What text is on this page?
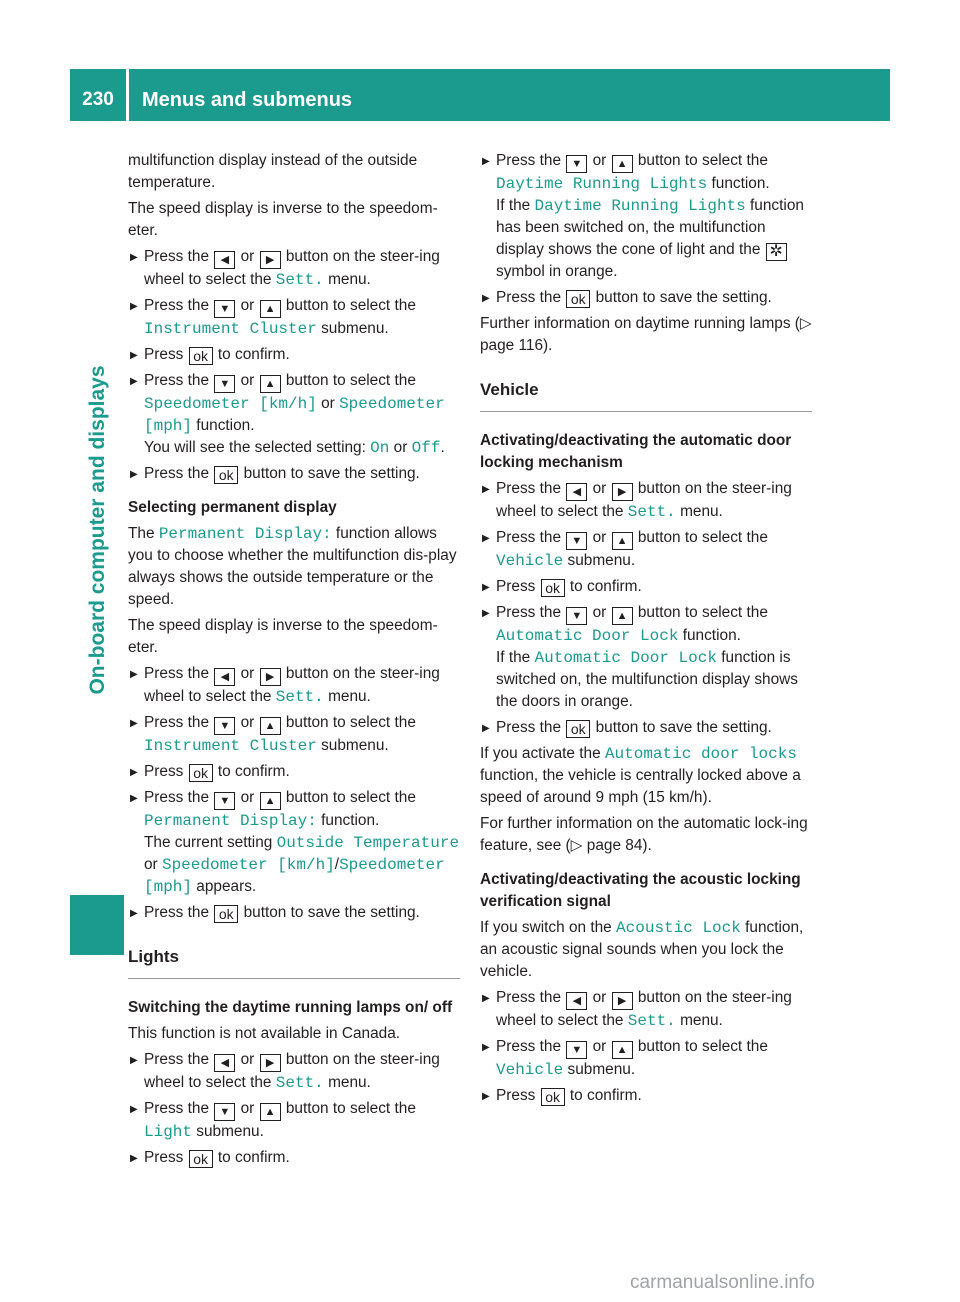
230	Menus and submenus
On-board computer and displays

multifunction display instead of the outside temperature.

The speed display is inverse to the speedom-eter.

▶
Press the ◀ or ▶ button on the steer-ing wheel to select the Sett. menu.
▶
Press the ▼ or ▲ button to select the Instrument Cluster submenu.
▶
Press ok to confirm.
▶
Press the ▼ or ▲ button to select the Speedometer [km/h] or Speedometer [mph] function.
You will see the selected setting: On or Off.
▶
Press the ok button to save the setting.

Selecting permanent display

The Permanent Display: function allows you to choose whether the multifunction dis-play always shows the outside temperature or the speed.

The speed display is inverse to the speedom-eter.

▶
Press the ◀ or ▶ button on the steer-ing wheel to select the Sett. menu.
▶
Press the ▼ or ▲ button to select the Instrument Cluster submenu.
▶
Press ok to confirm.
▶
Press the ▼ or ▲ button to select the Permanent Display: function.
The current setting Outside Temperature or Speedometer [km/h]/Speedometer [mph] appears.
▶
Press the ok button to save the setting.
Lights

Switching the daytime running lamps on/ off

This function is not available in Canada.

▶
Press the ◀ or ▶ button on the steer-ing wheel to select the Sett. menu.
▶
Press the ▼ or ▲ button to select the Light submenu.
▶
Press ok to confirm.
▶
Press the ▼ or ▲ button to select the Daytime Running Lights function.
If the Daytime Running Lights function has been switched on, the multifunction display shows the cone of light and the ✲ symbol in orange.
▶
Press the ok button to save the setting.

Further information on daytime running lamps (▷ page 116).

Vehicle

Activating/deactivating the automatic door locking mechanism

▶
Press the ◀ or ▶ button on the steer-ing wheel to select the Sett. menu.
▶
Press the ▼ or ▲ button to select the Vehicle submenu.
▶
Press ok to confirm.
▶
Press the ▼ or ▲ button to select the Automatic Door Lock function.
If the Automatic Door Lock function is switched on, the multifunction display shows the doors in orange.
▶
Press the ok button to save the setting.

If you activate the Automatic door locks function, the vehicle is centrally locked above a speed of around 9 mph (15 km/h).

For further information on the automatic lock-ing feature, see (▷ page 84).

Activating/deactivating the acoustic locking verification signal

If you switch on the Acoustic Lock function, an acoustic signal sounds when you lock the vehicle.

▶
Press the ◀ or ▶ button on the steer-ing wheel to select the Sett. menu.
▶
Press the ▼ or ▲ button to select the Vehicle submenu.
▶
Press ok to confirm.
carmanualsonline.info
